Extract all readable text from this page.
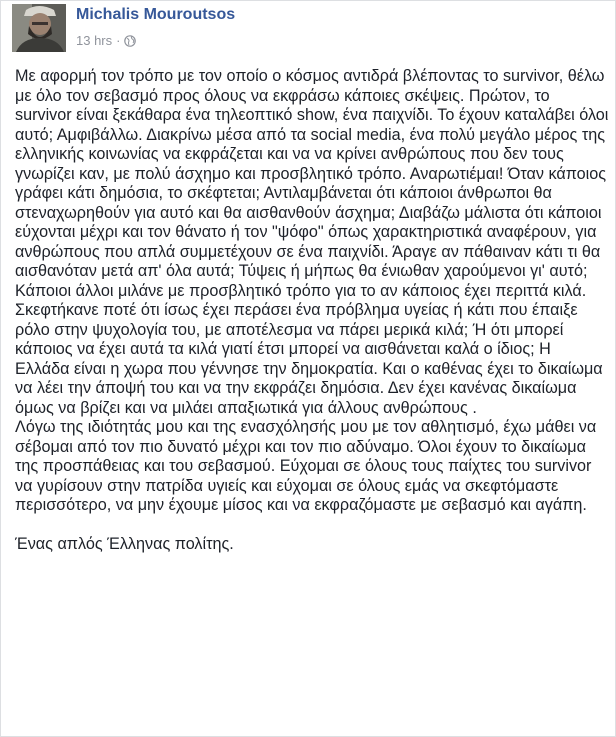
Michalis Mouroutsos
13 hrs ·

Με αφορμή τον τρόπο με τον οποίο ο κόσμος αντιδρά βλέποντας το survivor, θέλω με όλο τον σεβασμό προς όλους να εκφράσω κάποιες σκέψεις. Πρώτον, το survivor είναι ξεκάθαρα ένα τηλεοπτικό show, ένα παιχνίδι. Το έχουν καταλάβει όλοι αυτό; Αμφιβάλλω. Διακρίνω μέσα από τα social media, ένα πολύ μεγάλο μέρος της ελληνικής κοινωνίας να εκφράζεται και να να κρίνει ανθρώπους που δεν τους γνωρίζει καν, με πολύ άσχημο και προσβλητικό τρόπο. Αναρωτιέμαι! Όταν κάποιος γράφει κάτι δημόσια, το σκέφτεται; Αντιλαμβάνεται ότι κάποιοι άνθρωποι θα στεναχωρηθούν για αυτό και θα αισθανθούν άσχημα; Διαβάζω μάλιστα ότι κάποιοι εύχονται μέχρι και τον θάνατο ή τον "ψόφο" όπως χαρακτηριστικά αναφέρουν, για ανθρώπους που απλά συμμετέχουν σε ένα παιχνίδι. Άραγε αν πάθαιναν κάτι τι θα αισθανόταν μετά απ' όλα αυτά; Τύψεις ή μήπως θα ένιωθαν χαρούμενοι γι' αυτό; Κάποιοι άλλοι μιλάνε με προσβλητικό τρόπο για το αν κάποιος έχει περιττά κιλά. Σκεφτήκανε ποτέ ότι ίσως έχει περάσει ένα πρόβλημα υγείας ή κάτι που έπαιξε ρόλο στην ψυχολογία του, με αποτέλεσμα να πάρει μερικά κιλά; Ή ότι μπορεί κάποιος να έχει αυτά τα κιλά γιατί έτσι μπορεί να αισθάνεται καλά ο ίδιος; Η Ελλάδα είναι η χωρα που γέννησε την δημοκρατία. Και ο καθένας έχει το δικαίωμα να λέει την άποψή του και να την εκφράζει δημόσια. Δεν έχει κανένας δικαίωμα όμως να βρίζει και να μιλάει απαξιωτικά για άλλους ανθρώπους .

Λόγω της ιδιότητάς μου και της ενασχόλησής μου με τον αθλητισμό, έχω μάθει να σέβομαι από τον πιο δυνατό μέχρι και τον πιο αδύναμο. Όλοι έχουν το δικαίωμα της προσπάθειας και του σεβασμού. Εύχομαι σε όλους τους παίχτες του survivor να γυρίσουν στην πατρίδα υγιείς και εύχομαι σε όλους εμάς να σκεφτόμαστε περισσότερο, να μην έχουμε μίσος και να εκφραζόμαστε με σεβασμό και αγάπη.

Ένας απλός Έλληνας πολίτης.
